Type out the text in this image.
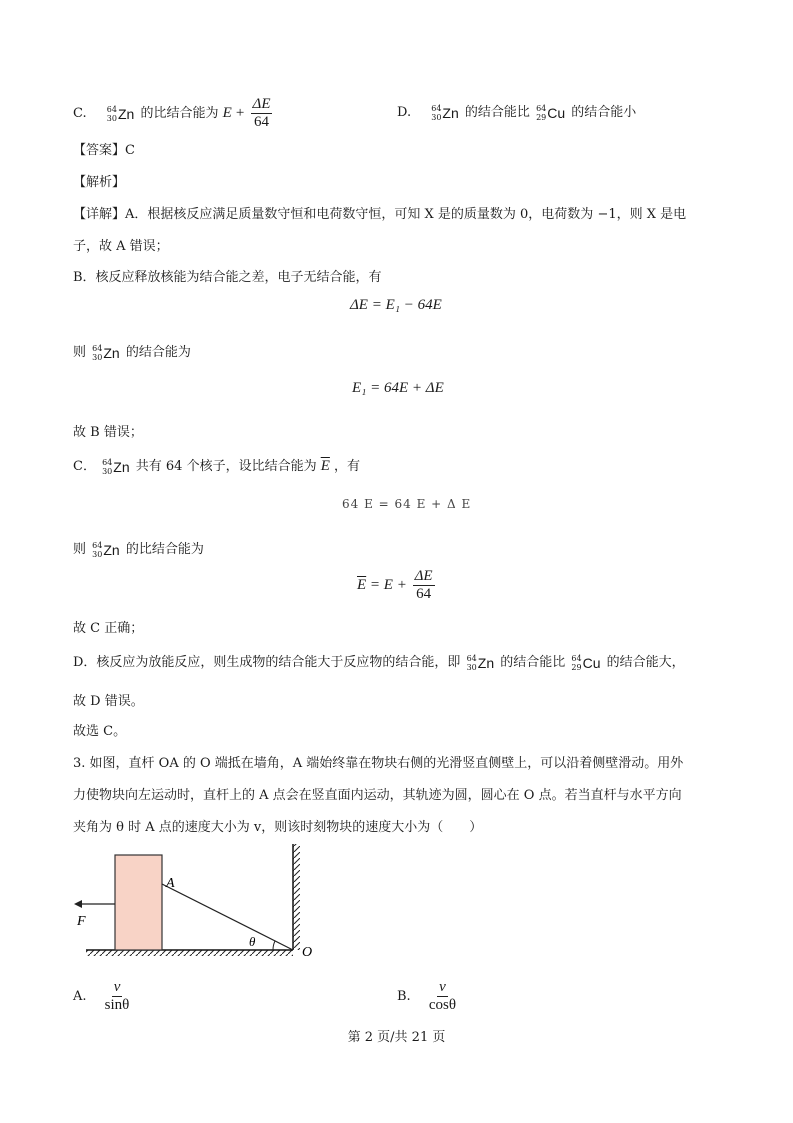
C.	64
30 Zn 的比结合能为 $E + \frac{\Delta E}{64}$	D.	64
30 Zn 的结合能比 64
29 Cu 的结合能小
【答案】C
【解析】
【详解】A．根据核反应满足质量数守恒和电荷数守恒，可知 X 是的质量数为 0，电荷数为 −1，则 X 是电
子，故 A 错误；
B．核反应释放核能为结合能之差，电子无结合能，有
ΔE = E₁ − 64E
则 64
30 Zn 的结合能为
E₁ = 64E + ΔE
故 B 错误；
C． 64
30 Zn 共有 64 个核子，设比结合能为 $\overline{E}$ ，有
64 E = 64 E + Δ E
则 64
30 Zn 的比结合能为
$\overline{E} = E + \frac{\Delta E}{64}$
故 C 正确；
D．核反应为放能反应，则生成物的结合能大于反应物的结合能，即 64
30 Zn 的结合能比 64
29 Cu 的结合能大，
故 D 错误。
故选 C。
3. 如图，直杆 OA 的 O 端抵在墙角，A 端始终靠在物块右侧的光滑竖直侧壁上，可以沿着侧壁滑动。用外
力使物块向左运动时，直杆上的 A 点会在竖直面内运动，其轨迹为圆，圆心在 O 点。若当直杆与水平方向
夹角为 θ 时 A 点的速度大小为 v，则该时刻物块的速度大小为（　　）
F
A
θ
O
A. $\frac{v}{\sin\theta}$	B. $\frac{v}{\cos\theta}$
第 2 页/共 21 页
